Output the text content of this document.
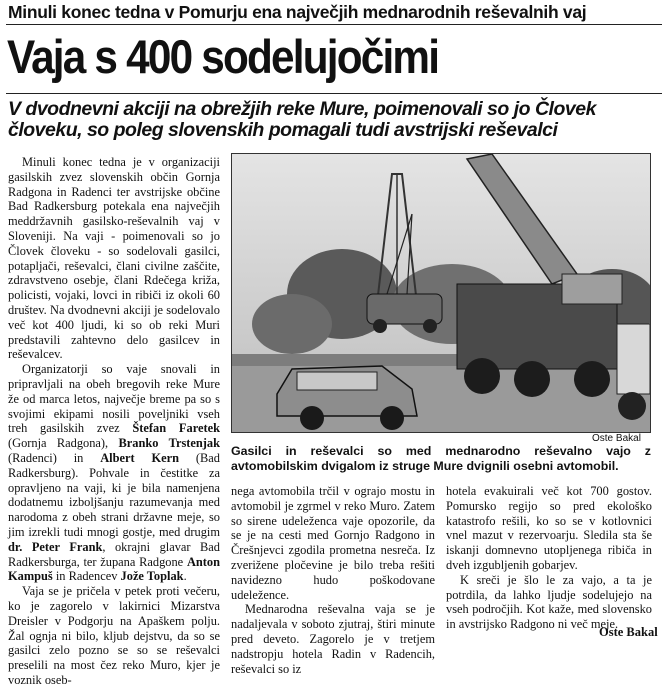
Minuli konec tedna v Pomurju ena največjih mednarodnih reševalnih vaj
Vaja s 400 sodelujočimi
V dvodnevni akciji na obrežjih reke Mure, poimenovali so jo Človek
človeku, so poleg slovenskih pomagali tudi avstrijski reševalci

Minuli konec tedna je v organizaciji gasilskih zvez slovenskih občin Gornja Radgona in Radenci ter avstrijske občine Bad Radkersburg potekala ena največjih meddržavnih gasilsko-reševalnih vaj v Sloveniji. Na vaji - poimenovali so jo Človek človeku - so sodelovali gasilci, potapljači, reševalci, člani civilne zaščite, zdravstveno osebje, člani Rdečega križa, policisti, vojaki, lovci in ribiči iz okoli 60 društev. Na dvodnevni akciji je sodelovalo več kot 400 ljudi, ki so ob reki Muri predstavili zahtevno delo gasilcev in reševalcev.

Organizatorji so vaje snovali in pripravljali na obeh bregovih reke Mure že od marca letos, največje breme pa so s svojimi ekipami nosili poveljniki vseh treh gasilskih zvez Štefan Faretek (Gornja Radgona), Branko Trstenjak (Radenci) in Albert Kern (Bad Radkersburg). Pohvale in čestitke za opravljeno na vaji, ki je bila namenjena dodatnemu izboljšanju razumevanja med narodoma z obeh strani državne meje, so jim izrekli tudi mnogi gostje, med drugim dr. Peter Frank, okrajni glavar Bad Radkersburga, ter župana Radgone Anton Kampuš in Radencev Jože Toplak.

Vaja se je pričela v petek proti večeru, ko je zagorelo v lakirnici Mizarstva Dreisler v Podgorju na Apaškem polju. Žal ognja ni bilo, kljub dejstvu, da so se gasilci zelo pozno se so se reševalci preselili na most čez reko Muro, kjer je voznik oseb-

Oste Bakal
Gasilci in reševalci so med mednarodno reševalno vajo z avtomobilskim dvigalom iz struge Mure dvignili osebni avtomobil.

nega avtomobila trčil v ograjo mostu in avtomobil je zgrmel v reko Muro. Zatem so sirene udeleženca vaje opozorile, da se je na cesti med Gornjo Radgono in Črešnjevci zgodila prometna nesreča. Iz zverižene pločevine je bilo treba rešiti navidezno hudo poškodovane udeležence.

Mednarodna reševalna vaja se je nadaljevala v soboto zjutraj, štiri minute pred deveto. Zagorelo je v tretjem nadstropju hotela Radin v Radencih, reševalci so iz

hotela evakuirali več kot 700 gostov. Pomursko regijo so pred ekološko katastrofo rešili, ko so se v kotlovnici vnel mazut v rezervoarju. Sledila sta še iskanji domnevno utopljenega ribiča in dveh izgubljenih gobarjev.

K sreči je šlo le za vajo, a ta je potrdila, da lahko ljudje sodelujejo na vseh področjih. Kot kaže, med slovensko in avstrijsko Radgono ni več meje.

Oste Bakal
